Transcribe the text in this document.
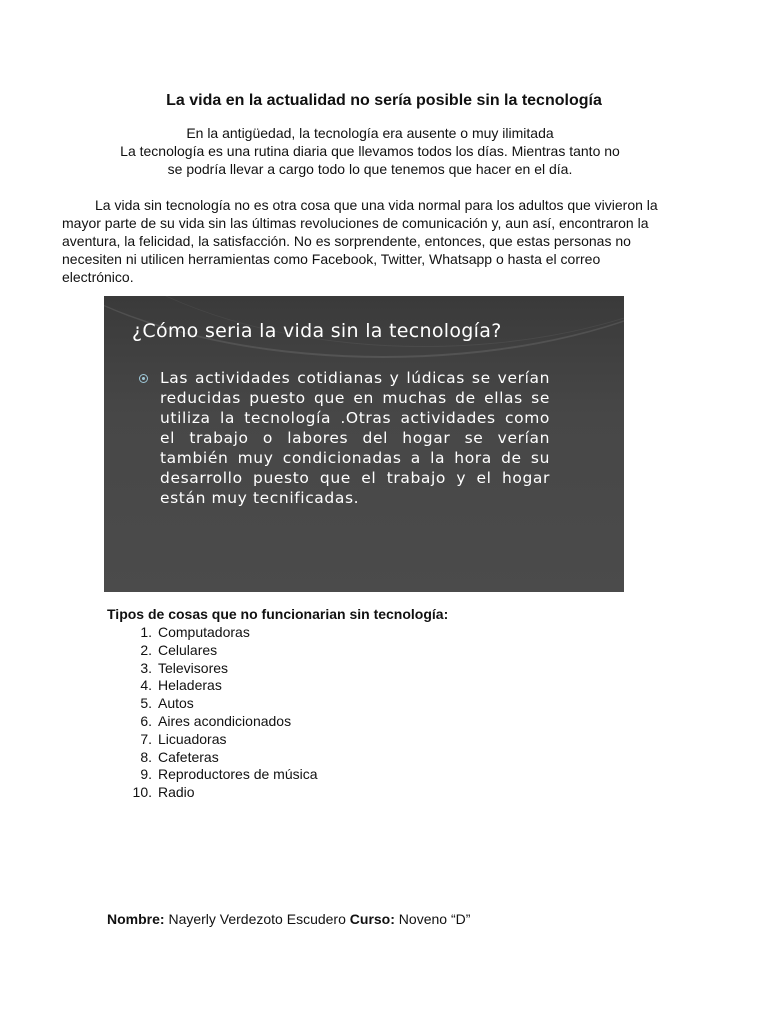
La vida en la actualidad no sería posible sin la tecnología

En la antigüedad, la tecnología era ausente o muy ilimitada

La tecnología es una rutina diaria que llevamos todos los días. Mientras tanto no

se podría llevar a cargo todo lo que tenemos que hacer en el día.

La vida sin tecnología no es otra cosa que una vida normal para los adultos que vivieron la mayor parte de su vida sin las últimas revoluciones de comunicación y, aun así, encontraron la aventura, la felicidad, la satisfacción. No es sorprendente, entonces, que estas personas no necesiten ni utilicen herramientas como Facebook, Twitter, Whatsapp o hasta el correo electrónico.

¿Cómo seria la vida sin la tecnología?

Las actividades cotidianas y lúdicas se verían reducidas puesto que en muchas de ellas se utiliza la tecnología .Otras actividades como el trabajo o labores del hogar se verían también muy condicionadas a la hora de su desarrollo puesto que el trabajo y el hogar están muy tecnificadas.

Tipos de cosas que no funcionarian sin tecnología:

1. Computadoras
2. Celulares
3. Televisores
4. Heladeras
5. Autos
6. Aires acondicionados
7. Licuadoras
8. Cafeteras
9. Reproductores de música
10. Radio

Nombre: Nayerly Verdezoto Escudero Curso: Noveno “D”
